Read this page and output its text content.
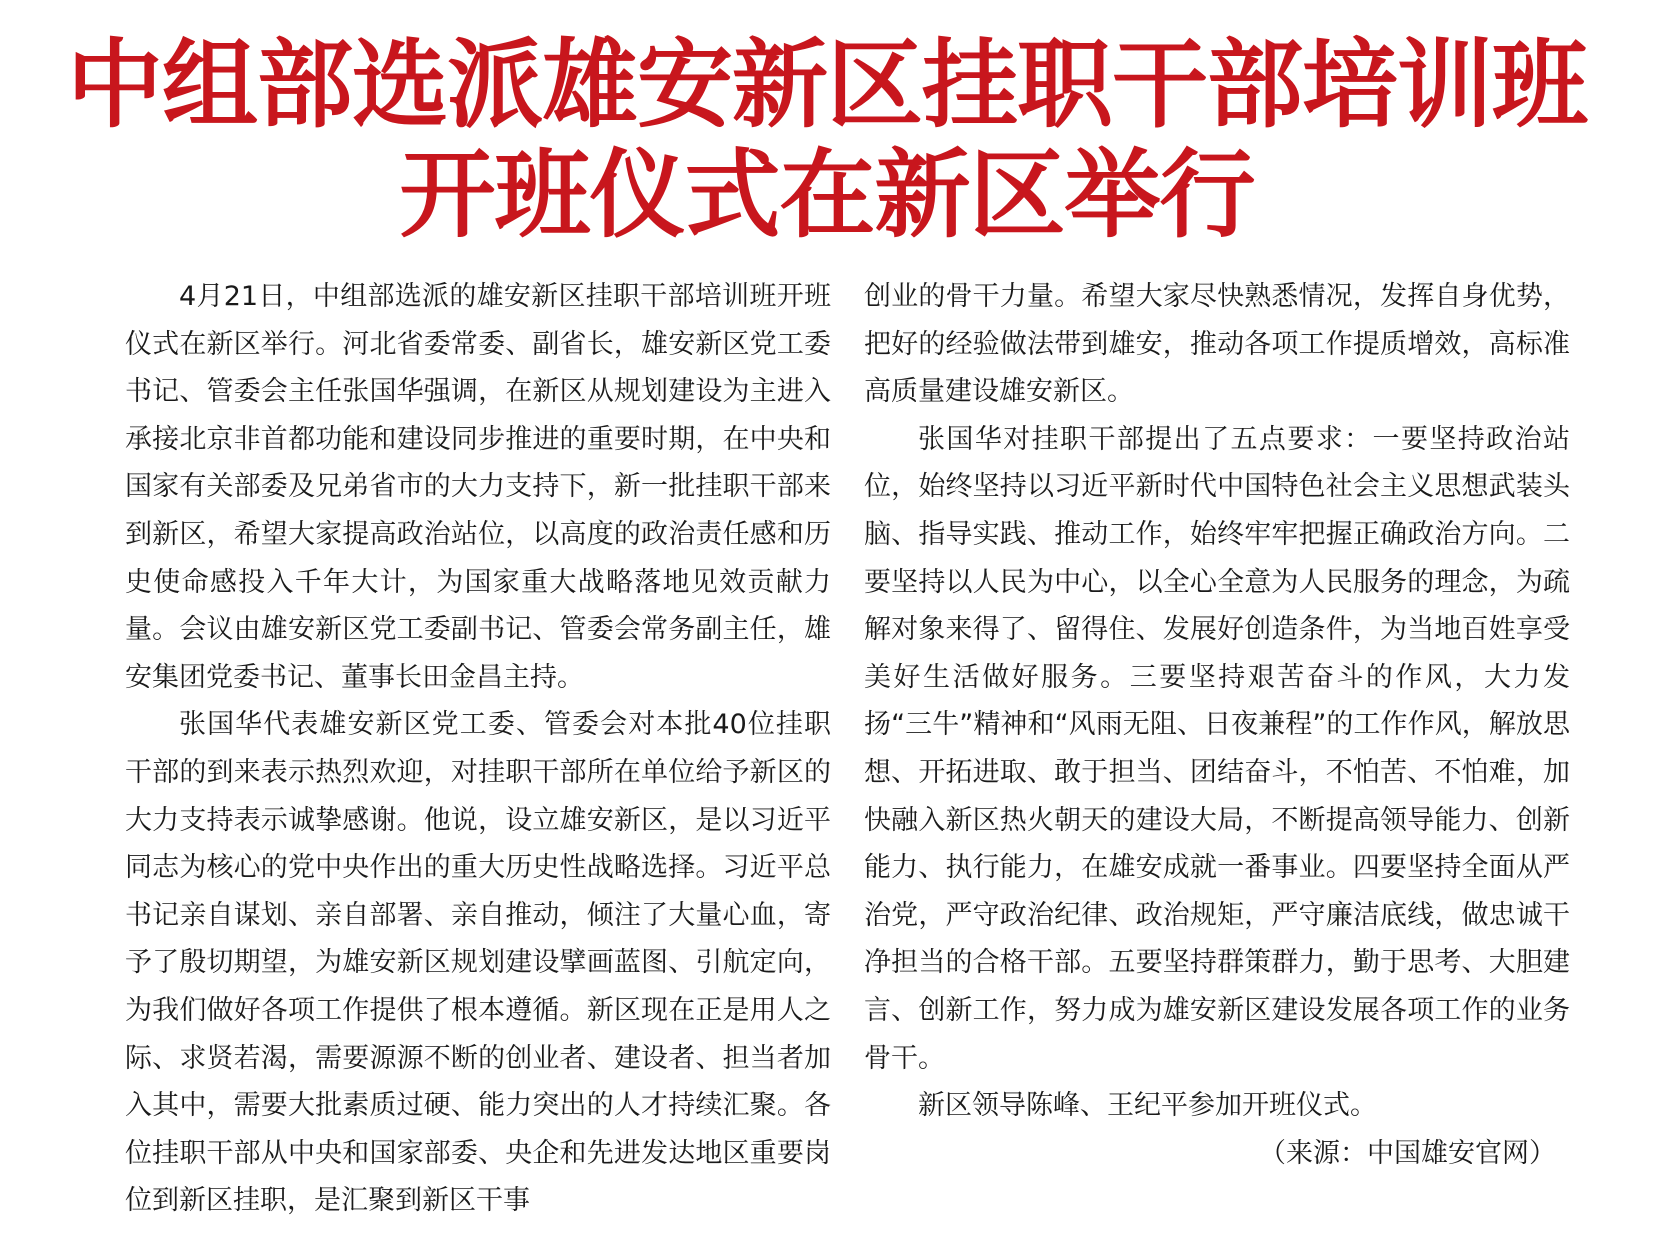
中组部选派雄安新区挂职干部培训班
开班仪式在新区举行

4月21日，中组部选派的雄安新区挂职干部培训班开班仪式在新区举行。河北省委常委、副省长，雄安新区党工委书记、管委会主任张国华强调，在新区从规划建设为主进入承接北京非首都功能和建设同步推进的重要时期，在中央和国家有关部委及兄弟省市的大力支持下，新一批挂职干部来到新区，希望大家提高政治站位，以高度的政治责任感和历史使命感投入千年大计，为国家重大战略落地见效贡献力量。会议由雄安新区党工委副书记、管委会常务副主任，雄安集团党委书记、董事长田金昌主持。

张国华代表雄安新区党工委、管委会对本批40位挂职干部的到来表示热烈欢迎，对挂职干部所在单位给予新区的大力支持表示诚挚感谢。他说，设立雄安新区，是以习近平同志为核心的党中央作出的重大历史性战略选择。习近平总书记亲自谋划、亲自部署、亲自推动，倾注了大量心血，寄予了殷切期望，为雄安新区规划建设擘画蓝图、引航定向，为我们做好各项工作提供了根本遵循。新区现在正是用人之际、求贤若渴，需要源源不断的创业者、建设者、担当者加入其中，需要大批素质过硬、能力突出的人才持续汇聚。各位挂职干部从中央和国家部委、央企和先进发达地区重要岗位到新区挂职，是汇聚到新区干事

创业的骨干力量。希望大家尽快熟悉情况，发挥自身优势，把好的经验做法带到雄安，推动各项工作提质增效，高标准高质量建设雄安新区。

张国华对挂职干部提出了五点要求：一要坚持政治站位，始终坚持以习近平新时代中国特色社会主义思想武装头脑、指导实践、推动工作，始终牢牢把握正确政治方向。二要坚持以人民为中心，以全心全意为人民服务的理念，为疏解对象来得了、留得住、发展好创造条件，为当地百姓享受美好生活做好服务。三要坚持艰苦奋斗的作风，大力发扬“三牛”精神和“风雨无阻、日夜兼程”的工作作风，解放思想、开拓进取、敢于担当、团结奋斗，不怕苦、不怕难，加快融入新区热火朝天的建设大局，不断提高领导能力、创新能力、执行能力，在雄安成就一番事业。四要坚持全面从严治党，严守政治纪律、政治规矩，严守廉洁底线，做忠诚干净担当的合格干部。五要坚持群策群力，勤于思考、大胆建言、创新工作，努力成为雄安新区建设发展各项工作的业务骨干。

新区领导陈峰、王纪平参加开班仪式。

（来源：中国雄安官网）
